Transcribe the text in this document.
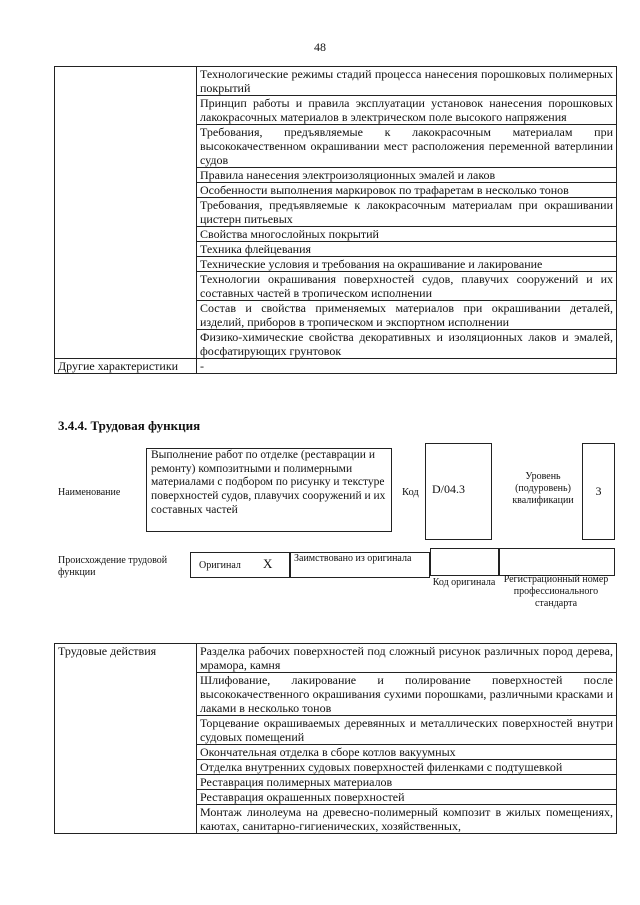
48
	Технологические режимы стадий процесса нанесения порошковых полимерных покрытий
	Принцип работы и правила эксплуатации установок нанесения порошковых лакокрасочных материалов в электрическом поле высокого напряжения
	Требования, предъявляемые к лакокрасочным материалам при высококачественном окрашивании мест расположения переменной ватерлинии судов
	Правила нанесения электроизоляционных эмалей и лаков
	Особенности выполнения маркировок по трафаретам в несколько тонов
	Требования, предъявляемые к лакокрасочным материалам при окрашивании цистерн питьевых
	Свойства многослойных покрытий
	Техника флейцевания
	Технические условия и требования на окрашивание и лакирование
	Технологии окрашивания поверхностей судов, плавучих сооружений и их составных частей в тропическом исполнении
	Состав и свойства применяемых материалов при окрашивании деталей, изделий, приборов в тропическом и экспортном исполнении
	Физико-химические свойства декоративных и изоляционных лаков и эмалей, фосфатирующих грунтовок
Другие характеристики	-
3.4.4. Трудовая функция
Наименование
Выполнение работ по отделке (реставрации и ремонту) композитными и полимерными материалами с подбором по рисунку и текстуре поверхностей судов, плавучих сооружений и их составных частей
Код	D/04.3
Уровень (подуровень) квалификации
3
Происхождение трудовой функции
Оригинал X	Заимствовано из оригинала
Код оригинала Регистрационный номер профессионального стандарта
Трудовые действия	Разделка рабочих поверхностей под сложный рисунок различных пород дерева, мрамора, камня
Шлифование, лакирование и полирование поверхностей после высококачественного окрашивания сухими порошками, различными красками и лаками в несколько тонов
Торцевание окрашиваемых деревянных и металлических поверхностей внутри судовых помещений
Окончательная отделка в сборе котлов вакуумных
Отделка внутренних судовых поверхностей филенками с подтушевкой
Реставрация полимерных материалов
Реставрация окрашенных поверхностей
Монтаж линолеума на древесно-полимерный композит в жилых помещениях, каютах, санитарно-гигиенических, хозяйственных,
